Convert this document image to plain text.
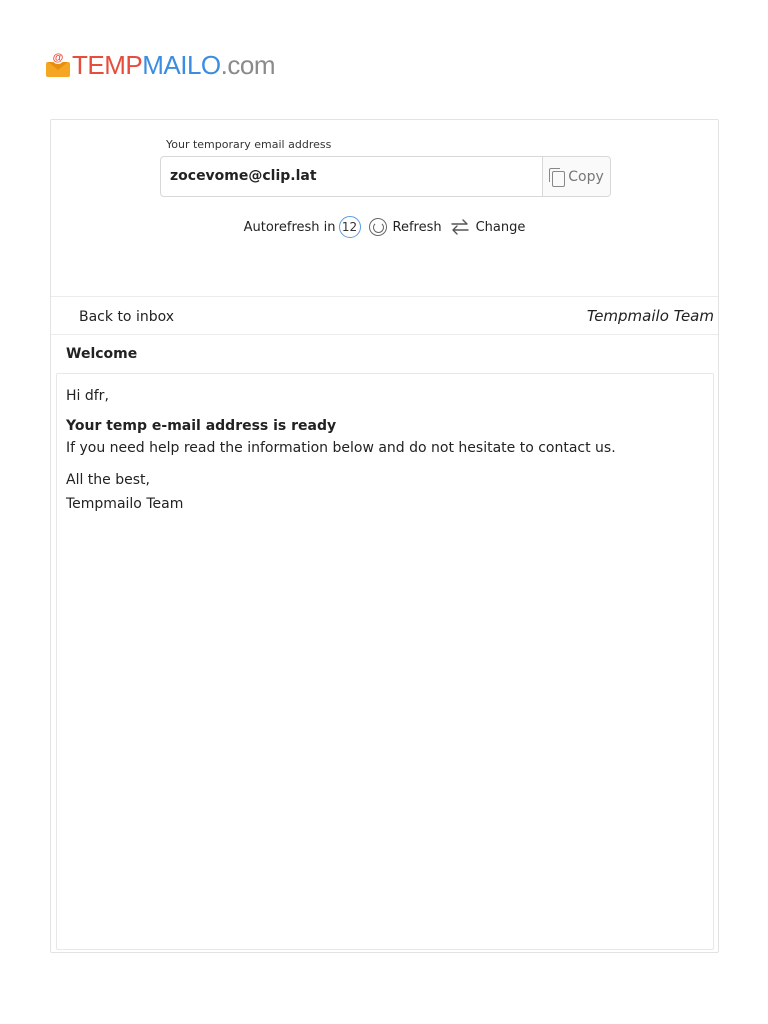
@ TEMPMAILO.com
Your temporary email address
zocevome@clip.lat	Copy
Autorefresh in 12	Refresh	Change
Back to inbox	Tempmailo Team
Welcome

Hi dfr,

Your temp e-mail address is ready

If you need help read the information below and do not hesitate to contact us.

All the best,

Tempmailo Team
